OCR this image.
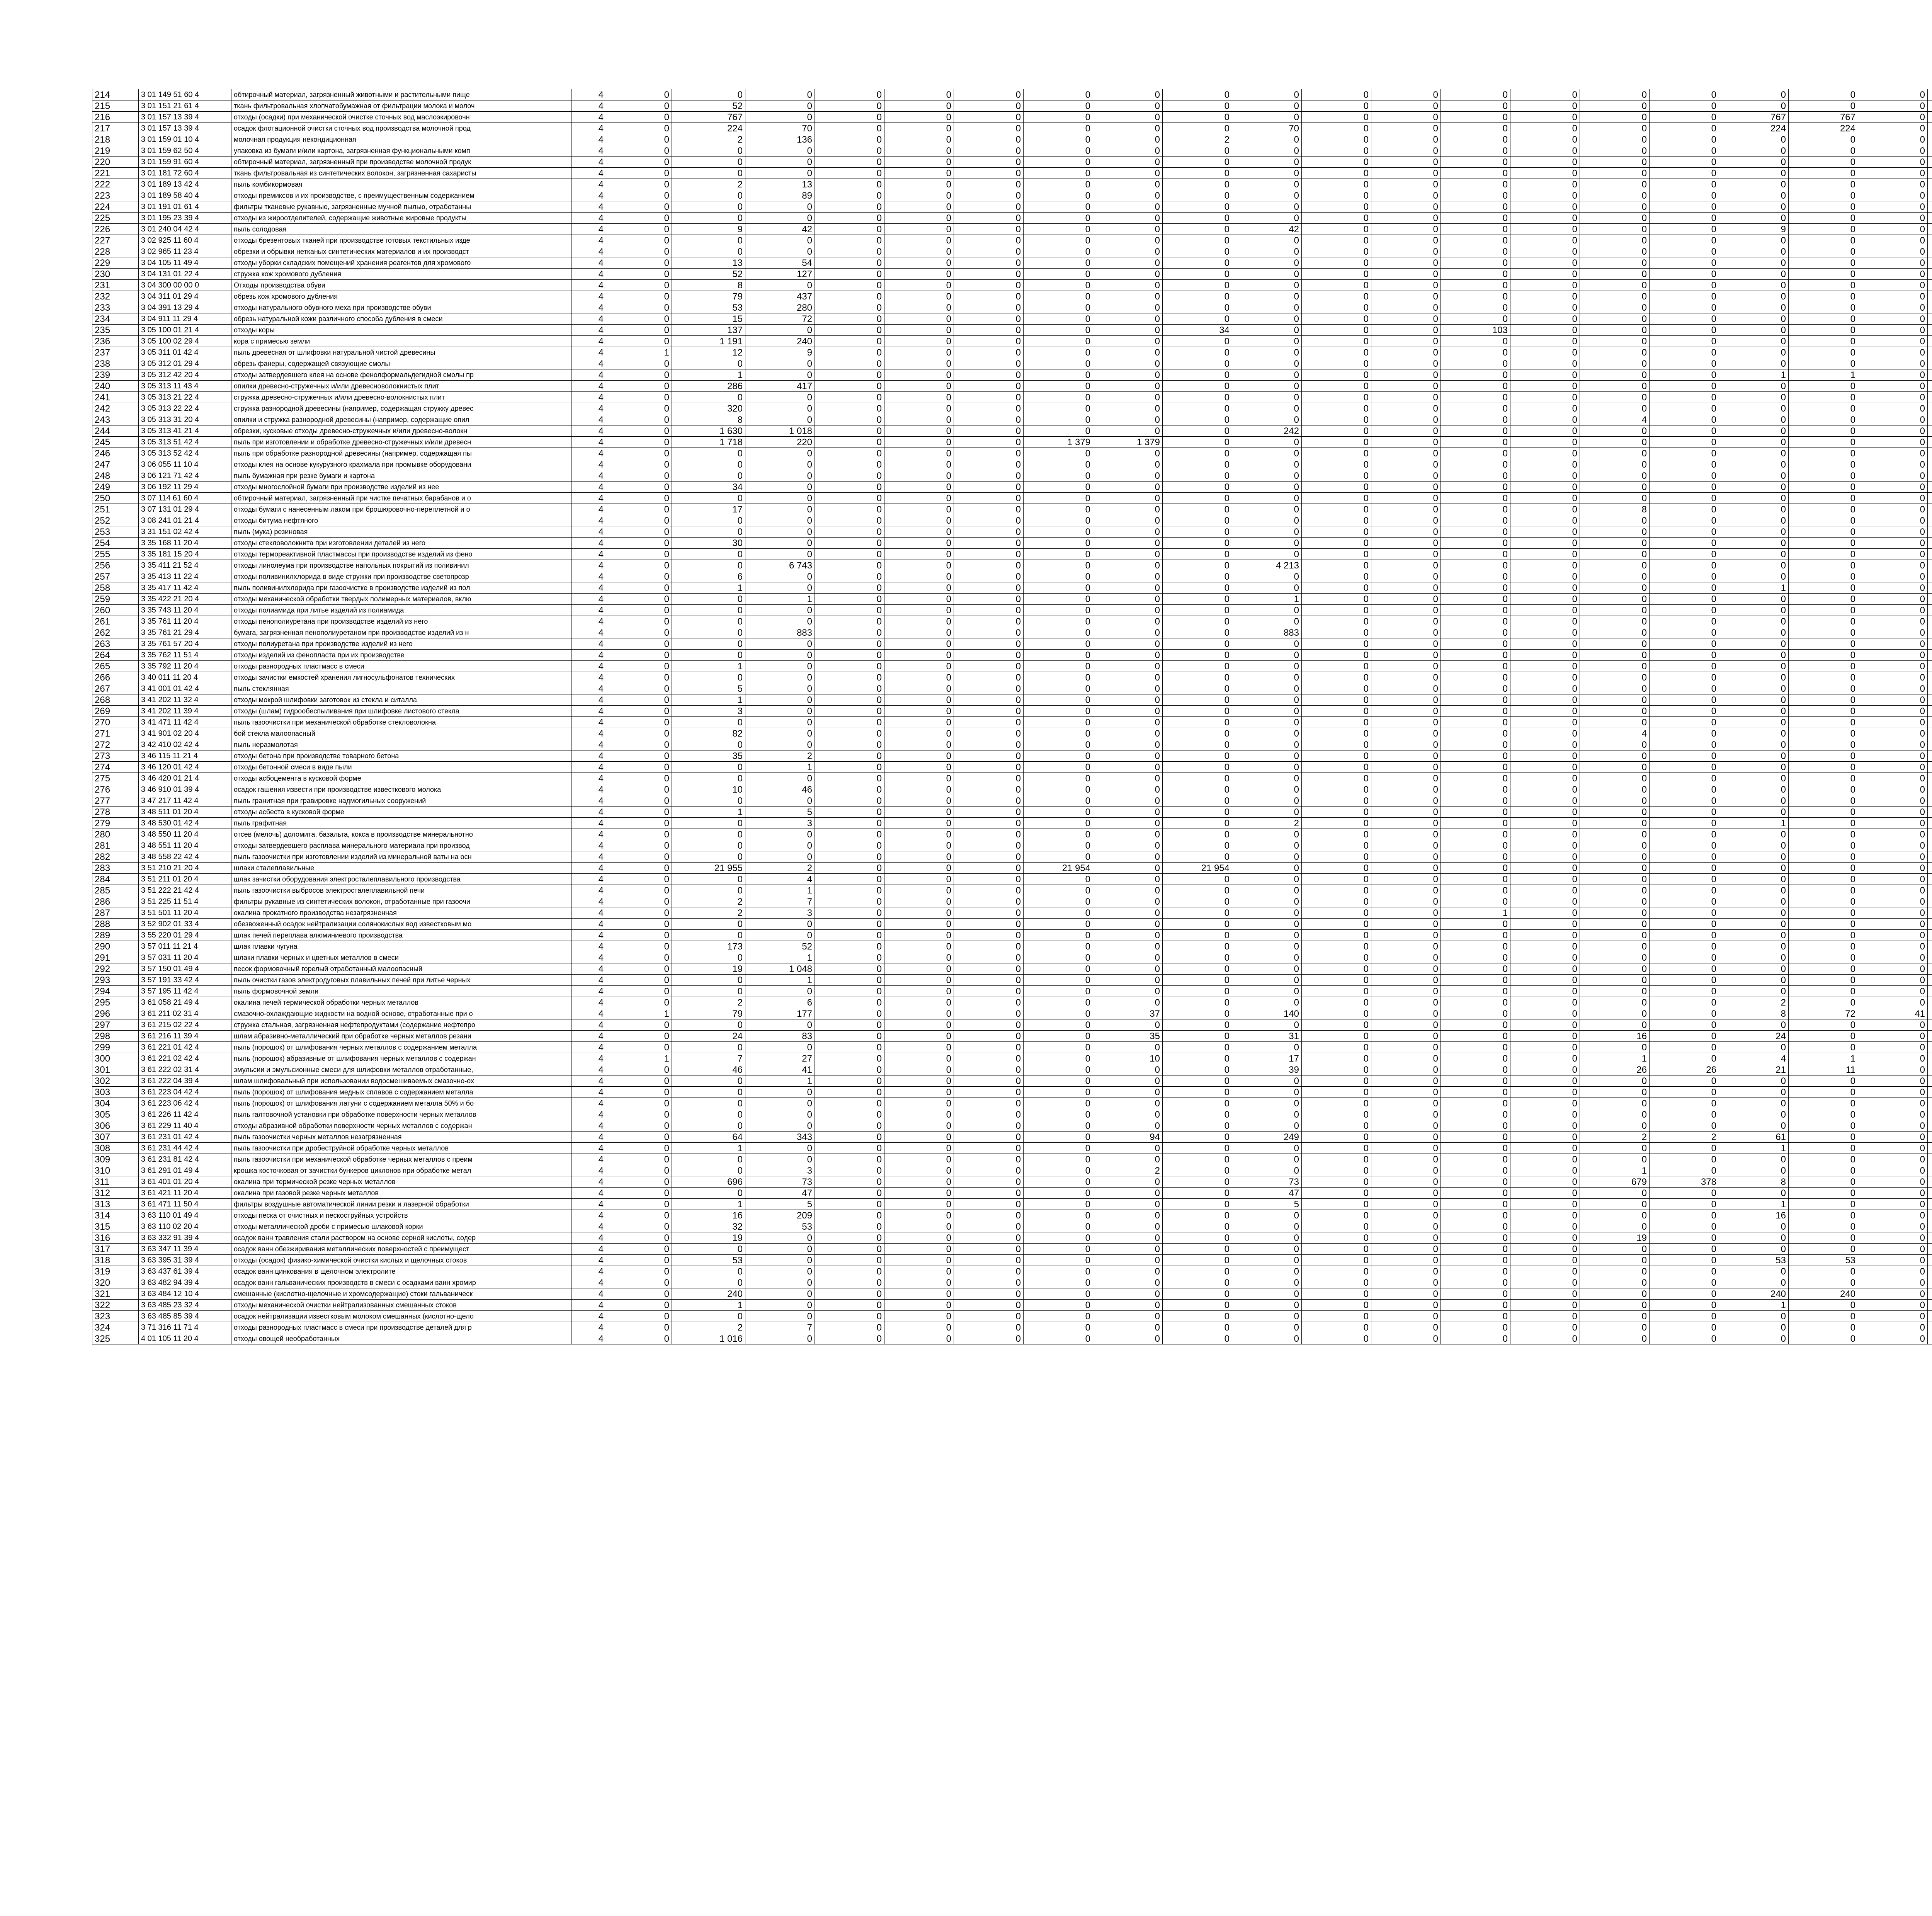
214	3 01 149 51 60 4	обтирочный материал, загрязненный животными и растительными пище	4	0	0	0	0	0	0	0	0	0	0	0	0	0	0	0	0	0	0	0												
215	3 01 151 21 61 4	ткань фильтровальная хлопчатобумажная от фильтрации молока и молоч	4	0	52	0	0	0	0	0	0	0	0	0	0	0	0	0	0	0	0	0												
216	3 01 157 13 39 4	отходы (осадки) при механической очистке сточных вод маслоэкировочн	4	0	767	0	0	0	0	0	0	0	0	0	0	0	0	0	0	767	767	0												
217	3 01 157 13 39 4	осадок флотационной очистки сточных вод производства молочной прод	4	0	224	70	0	0	0	0	0	0	70	0	0	0	0	0	0	224	224	0												
218	3 01 159 01 10 4	молочная продукция некондиционная	4	0	2	136	0	0	0	0	0	2	0	0	0	0	0	0	0	0	0	0												
219	3 01 159 62 50 4	упаковка из бумаги и/или картона, загрязненная функциональными комп	4	0	0	0	0	0	0	0	0	0	0	0	0	0	0	0	0	0	0	0												
220	3 01 159 91 60 4	обтирочный материал, загрязненный при производстве молочной продук	4	0	0	0	0	0	0	0	0	0	0	0	0	0	0	0	0	0	0	0												
221	3 01 181 72 60 4	ткань фильтровальная из синтетических волокон, загрязненная сахаристы	4	0	0	0	0	0	0	0	0	0	0	0	0	0	0	0	0	0	0	0												
222	3 01 189 13 42 4	пыль комбикормовая	4	0	2	13	0	0	0	0	0	0	0	0	0	0	0	0	0	0	0	0												
223	3 01 189 58 40 4	отходы премиксов и их производстве, с преимущественным содержанием	4	0	0	89	0	0	0	0	0	0	0	0	0	0	0	0	0	0	0	0												
224	3 01 191 01 61 4	фильтры тканевые рукавные, загрязненные мучной пылью, отработанны	4	0	0	0	0	0	0	0	0	0	0	0	0	0	0	0	0	0	0	0												
225	3 01 195 23 39 4	отходы из жироотделителей, содержащие животные жировые продукты	4	0	0	0	0	0	0	0	0	0	0	0	0	0	0	0	0	0	0	0												
226	3 01 240 04 42 4	пыль солодовая	4	0	9	42	0	0	0	0	0	0	42	0	0	0	0	0	0	9	0	0												
227	3 02 925 11 60 4	отходы брезентовых тканей при производстве готовых текстильных изде	4	0	0	0	0	0	0	0	0	0	0	0	0	0	0	0	0	0	0	0												
228	3 02 965 11 23 4	обрезки и обрывки нетканых синтетических материалов и их производст	4	0	0	0	0	0	0	0	0	0	0	0	0	0	0	0	0	0	0	0												
229	3 04 105 11 49 4	отходы уборки складских помещений хранения реагентов для хромового	4	0	13	54	0	0	0	0	0	0	0	0	0	0	0	0	0	0	0	0												
230	3 04 131 01 22 4	стружка кож хромового дубления	4	0	52	127	0	0	0	0	0	0	0	0	0	0	0	0	0	0	0	0												
231	3 04 300 00 00 0	Отходы производства обуви	4	0	8	0	0	0	0	0	0	0	0	0	0	0	0	0	0	0	0	0												
232	3 04 311 01 29 4	обрезь кож хромового дубления	4	0	79	437	0	0	0	0	0	0	0	0	0	0	0	0	0	0	0	0												
233	3 04 391 13 29 4	отходы натурального обувного меха при производстве обуви	4	0	53	280	0	0	0	0	0	0	0	0	0	0	0	0	0	0	0	0												
234	3 04 911 11 29 4	обрезь натуральной кожи различного способа дубления в смеси	4	0	15	72	0	0	0	0	0	0	0	0	0	0	0	0	0	0	0	0												
235	3 05 100 01 21 4	отходы коры	4	0	137	0	0	0	0	0	0	34	0	0	0	103	0	0	0	0	0	0												
236	3 05 100 02 29 4	кора с примесью земли	4	0	1 191	240	0	0	0	0	0	0	0	0	0	0	0	0	0	0	0	0												
237	3 05 311 01 42 4	пыль древесная от шлифовки натуральной чистой древесины	4	1	12	9	0	0	0	0	0	0	0	0	0	0	0	0	0	0	0	0												
238	3 05 312 01 29 4	обрезь фанеры, содержащей связующие смолы	4	0	0	0	0	0	0	0	0	0	0	0	0	0	0	0	0	0	0	0												
239	3 05 312 42 20 4	отходы затвердевшего клея на основе фенолформальдегидной смолы пр	4	0	1	0	0	0	0	0	0	0	0	0	0	0	0	0	0	1	1	0												
240	3 05 313 11 43 4	опилки древесно-стружечных и/или древесноволокнистых плит	4	0	286	417	0	0	0	0	0	0	0	0	0	0	0	0	0	0	0	0												
241	3 05 313 21 22 4	стружка древесно-стружечных и/или древесно-волокнистых плит	4	0	0	0	0	0	0	0	0	0	0	0	0	0	0	0	0	0	0	0												
242	3 05 313 22 22 4	стружка разнородной древесины (например, содержащая стружку древес	4	0	320	0	0	0	0	0	0	0	0	0	0	0	0	0	0	0	0	0												
243	3 05 313 31 20 4	опилки и стружка разнородной древесины (например, содержащие опил	4	0	8	0	0	0	0	0	0	0	0	0	0	0	0	4	0	0	0	0												
244	3 05 313 41 21 4	обрезки, кусковые отходы древесно-стружечных и/или древесно-волокн	4	0	1 630	1 018	0	0	0	0	0	0	242	0	0	0	0	0	0	0	0	0												
245	3 05 313 51 42 4	пыль при изготовлении и обработке древесно-стружечных и/или древесн	4	0	1 718	220	0	0	0	1 379	1 379	0	0	0	0	0	0	0	0	0	0	0												
246	3 05 313 52 42 4	пыль при обработке разнородной древесины (например, содержащая пы	4	0	0	0	0	0	0	0	0	0	0	0	0	0	0	0	0	0	0	0												
247	3 06 055 11 10 4	отходы клея на основе кукурузного крахмала при промывке оборудовани	4	0	0	0	0	0	0	0	0	0	0	0	0	0	0	0	0	0	0	0												
248	3 06 121 71 42 4	пыль бумажная при резке бумаги и картона	4	0	0	0	0	0	0	0	0	0	0	0	0	0	0	0	0	0	0	0												
249	3 06 192 11 29 4	отходы многослойной бумаги при производстве изделий из нее	4	0	34	0	0	0	0	0	0	0	0	0	0	0	0	0	0	0	0	0												
250	3 07 114 61 60 4	обтирочный материал, загрязненный при чистке печатных барабанов и о	4	0	0	0	0	0	0	0	0	0	0	0	0	0	0	0	0	0	0	0												
251	3 07 131 01 29 4	отходы бумаги с нанесенным лаком при брошюровочно-переплетной и о	4	0	17	0	0	0	0	0	0	0	0	0	0	0	0	8	0	0	0	0												
252	3 08 241 01 21 4	отходы битума нефтяного	4	0	0	0	0	0	0	0	0	0	0	0	0	0	0	0	0	0	0	0												
253	3 31 151 02 42 4	пыль (мука) резиновая	4	0	0	0	0	0	0	0	0	0	0	0	0	0	0	0	0	0	0	0												
254	3 35 168 11 20 4	отходы стекловолокнита при изготовлении деталей из него	4	0	30	0	0	0	0	0	0	0	0	0	0	0	0	0	0	0	0	0												
255	3 35 181 15 20 4	отходы термореактивной пластмассы при производстве изделий из фено	4	0	0	0	0	0	0	0	0	0	0	0	0	0	0	0	0	0	0	0												
256	3 35 411 21 52 4	отходы линолеума при производстве напольных покрытий из поливинил	4	0	0	6 743	0	0	0	0	0	0	4 213	0	0	0	0	0	0	0	0	0												
257	3 35 413 11 22 4	отходы поливинилхлорида в виде стружки при производстве светопрозр	4	0	6	0	0	0	0	0	0	0	0	0	0	0	0	0	0	0	0	0												
258	3 35 417 11 42 4	пыль поливинилхлорида при газоочистке в производстве изделий из пол	4	0	1	0	0	0	0	0	0	0	0	0	0	0	0	0	0	1	0	0												
259	3 35 422 21 20 4	отходы механической обработки твердых полимерных материалов, вклю	4	0	0	1	0	0	0	0	0	0	1	0	0	0	0	0	0	0	0	0												
260	3 35 743 11 20 4	отходы полиамида при литье изделий из полиамида	4	0	0	0	0	0	0	0	0	0	0	0	0	0	0	0	0	0	0	0												
261	3 35 761 11 20 4	отходы пенополиуретана при производстве изделий из него	4	0	0	0	0	0	0	0	0	0	0	0	0	0	0	0	0	0	0	0												
262	3 35 761 21 29 4	бумага, загрязненная пенополиуретаном при производстве изделий из н	4	0	0	883	0	0	0	0	0	0	883	0	0	0	0	0	0	0	0	0												
263	3 35 761 57 20 4	отходы полиуретана при производстве изделий из него	4	0	0	0	0	0	0	0	0	0	0	0	0	0	0	0	0	0	0	0												
264	3 35 762 11 51 4	отходы изделий из фенопласта при их производстве	4	0	0	0	0	0	0	0	0	0	0	0	0	0	0	0	0	0	0	0												
265	3 35 792 11 20 4	отходы разнородных пластмасс в смеси	4	0	1	0	0	0	0	0	0	0	0	0	0	0	0	0	0	0	0	0												
266	3 40 011 11 20 4	отходы зачистки емкостей хранения лигносульфонатов технических	4	0	0	0	0	0	0	0	0	0	0	0	0	0	0	0	0	0	0	0												
267	3 41 001 01 42 4	пыль стеклянная	4	0	5	0	0	0	0	0	0	0	0	0	0	0	0	0	0	0	0	0												
268	3 41 202 11 32 4	отходы мокрой шлифовки заготовок из стекла и ситалла	4	0	1	0	0	0	0	0	0	0	0	0	0	0	0	0	0	0	0	0												
269	3 41 202 11 39 4	отходы (шлам) гидрообеспыливания при шлифовке листового стекла	4	0	3	0	0	0	0	0	0	0	0	0	0	0	0	0	0	0	0	0												
270	3 41 471 11 42 4	пыль газоочистки при механической обработке стекловолокна	4	0	0	0	0	0	0	0	0	0	0	0	0	0	0	0	0	0	0	0												
271	3 41 901 02 20 4	бой стекла малоопасный	4	0	82	0	0	0	0	0	0	0	0	0	0	0	0	4	0	0	0	0												
272	3 42 410 02 42 4	пыль неразмолотая	4	0	0	0	0	0	0	0	0	0	0	0	0	0	0	0	0	0	0	0												
273	3 46 115 11 21 4	отходы бетона при производстве товарного бетона	4	0	35	2	0	0	0	0	0	0	0	0	0	0	0	0	0	0	0	0												
274	3 46 120 01 42 4	отходы бетонной смеси в виде пыли	4	0	0	1	0	0	0	0	0	0	0	0	0	0	0	0	0	0	0	0												
275	3 46 420 01 21 4	отходы асбоцемента в кусковой форме	4	0	0	0	0	0	0	0	0	0	0	0	0	0	0	0	0	0	0	0												
276	3 46 910 01 39 4	осадок гашения извести при производстве известкового молока	4	0	10	46	0	0	0	0	0	0	0	0	0	0	0	0	0	0	0	0												
277	3 47 217 11 42 4	пыль гранитная при гравировке надмогильных сооружений	4	0	0	0	0	0	0	0	0	0	0	0	0	0	0	0	0	0	0	0												
278	3 48 511 01 20 4	отходы асбеста в кусковой форме	4	0	1	5	0	0	0	0	0	0	0	0	0	0	0	0	0	0	0	0												
279	3 48 530 01 42 4	пыль графитная	4	0	0	3	0	0	0	0	0	0	2	0	0	0	0	0	0	1	0	0												
280	3 48 550 11 20 4	отсев (мелочь) доломита, базальта, кокса в производстве минеральнотно	4	0	0	0	0	0	0	0	0	0	0	0	0	0	0	0	0	0	0	0												
281	3 48 551 11 20 4	отходы затвердевшего расплава минерального материала при производ	4	0	0	0	0	0	0	0	0	0	0	0	0	0	0	0	0	0	0	0												
282	3 48 558 22 42 4	пыль газоочистки при изготовлении изделий из минеральной ваты на осн	4	0	0	0	0	0	0	0	0	0	0	0	0	0	0	0	0	0	0	0												
283	3 51 210 21 20 4	шлаки сталеплавильные	4	0	21 955	2	0	0	0	21 954	0	21 954	0	0	0	0	0	0	0	0	0	0												
284	3 51 211 01 20 4	шлак зачистки оборудования электросталеплавильного производства	4	0	0	4	0	0	0	0	0	0	0	0	0	0	0	0	0	0	0	0												
285	3 51 222 21 42 4	пыль газоочистки выбросов электросталеплавильной печи	4	0	0	1	0	0	0	0	0	0	0	0	0	0	0	0	0	0	0	0												
286	3 51 225 11 51 4	фильтры рукавные из синтетических волокон, отработанные при газоочи	4	0	2	7	0	0	0	0	0	0	0	0	0	0	0	0	0	0	0	0												
287	3 51 501 11 20 4	окалина прокатного производства незагрязненная	4	0	2	3	0	0	0	0	0	0	0	0	0	1	0	0	0	0	0	0												
288	3 52 902 01 33 4	обезвоженный осадок нейтрализации солянокислых вод известковым мо	4	0	0	0	0	0	0	0	0	0	0	0	0	0	0	0	0	0	0	0												
289	3 55 220 01 29 4	шлак печей переплава алюминиевого производства	4	0	0	0	0	0	0	0	0	0	0	0	0	0	0	0	0	0	0	0												
290	3 57 011 11 21 4	шлак плавки чугуна	4	0	173	52	0	0	0	0	0	0	0	0	0	0	0	0	0	0	0	0												
291	3 57 031 11 20 4	шлаки плавки черных и цветных металлов в смеси	4	0	0	1	0	0	0	0	0	0	0	0	0	0	0	0	0	0	0	0												
292	3 57 150 01 49 4	песок формовочный горелый отработанный малоопасный	4	0	19	1 048	0	0	0	0	0	0	0	0	0	0	0	0	0	0	0	0												
293	3 57 191 33 42 4	пыль очистки газов электродуговых плавильных печей при литье черных	4	0	0	1	0	0	0	0	0	0	0	0	0	0	0	0	0	0	0	0												
294	3 57 195 11 42 4	пыль формовочной земли	4	0	0	0	0	0	0	0	0	0	0	0	0	0	0	0	0	0	0	0												
295	3 61 058 21 49 4	окалина печей термической обработки черных металлов	4	0	2	6	0	0	0	0	0	0	0	0	0	0	0	0	0	2	0	0												
296	3 61 211 02 31 4	смазочно-охлаждающие жидкости на водной основе, отработанные при о	4	1	79	177	0	0	0	0	37	0	140	0	0	0	0	0	0	8	72	41												
297	3 61 215 02 22 4	стружка стальная, загрязненная нефтепродуктами (содержание нефтепро	4	0	0	0	0	0	0	0	0	0	0	0	0	0	0	0	0	0	0	0												
298	3 61 216 11 39 4	шлам абразивно-металлический при обработке черных металлов резани	4	0	24	83	0	0	0	0	35	0	31	0	0	0	0	16	0	24	0	0												
299	3 61 221 01 42 4	пыль (порошок) от шлифования черных металлов с содержанием металла	4	0	0	0	0	0	0	0	0	0	0	0	0	0	0	0	0	0	0	0												
300	3 61 221 02 42 4	пыль (порошок) абразивные от шлифования черных металлов с содержан	4	1	7	27	0	0	0	0	10	0	17	0	0	0	0	1	0	4	1	0												
301	3 61 222 02 31 4	эмульсии и эмульсионные смеси для шлифовки металлов отработанные,	4	0	46	41	0	0	0	0	0	0	39	0	0	0	0	26	26	21	11	0												
302	3 61 222 04 39 4	шлам шлифовальный при использовании водосмешиваемых смазочно-ох	4	0	0	1	0	0	0	0	0	0	0	0	0	0	0	0	0	0	0	0												
303	3 61 223 04 42 4	пыль (порошок) от шлифования медных сплавов с содержанием металла	4	0	0	0	0	0	0	0	0	0	0	0	0	0	0	0	0	0	0	0												
304	3 61 223 06 42 4	пыль (порошок) от шлифования латуни с содержанием металла 50% и бо	4	0	0	0	0	0	0	0	0	0	0	0	0	0	0	0	0	0	0	0												
305	3 61 226 11 42 4	пыль галтовочной установки при обработке поверхности черных металлов	4	0	0	0	0	0	0	0	0	0	0	0	0	0	0	0	0	0	0	0												
306	3 61 229 11 40 4	отходы абразивной обработки поверхности черных металлов с содержан	4	0	0	0	0	0	0	0	0	0	0	0	0	0	0	0	0	0	0	0												
307	3 61 231 01 42 4	пыль газоочистки черных металлов незагрязненная	4	0	64	343	0	0	0	0	94	0	249	0	0	0	0	2	2	61	0	0												
308	3 61 231 44 42 4	пыль газоочистки при дробеструйной обработке черных металлов	4	0	1	0	0	0	0	0	0	0	0	0	0	0	0	0	0	1	0	0												
309	3 61 231 81 42 4	пыль газоочистки при механической обработке черных металлов с преим	4	0	0	0	0	0	0	0	0	0	0	0	0	0	0	0	0	0	0	0												
310	3 61 291 01 49 4	крошка косточковая от зачистки бункеров циклонов при обработке метал	4	0	0	3	0	0	0	0	2	0	0	0	0	0	0	1	0	0	0	0												
311	3 61 401 01 20 4	окалина при термической резке черных металлов	4	0	696	73	0	0	0	0	0	0	73	0	0	0	0	679	378	8	0	0												
312	3 61 421 11 20 4	окалина при газовой резке черных металлов	4	0	0	47	0	0	0	0	0	0	47	0	0	0	0	0	0	0	0	0												
313	3 61 471 11 50 4	фильтры воздушные автоматической линии резки и лазерной обработки	4	0	1	5	0	0	0	0	0	0	5	0	0	0	0	0	0	1	0	0												
314	3 63 110 01 49 4	отходы песка от очистных и пескоструйных устройств	4	0	16	209	0	0	0	0	0	0	0	0	0	0	0	0	0	16	0	0												
315	3 63 110 02 20 4	отходы металлической дроби с примесью шлаковой корки	4	0	32	53	0	0	0	0	0	0	0	0	0	0	0	0	0	0	0	0												
316	3 63 332 91 39 4	осадок ванн травления стали раствором на основе серной кислоты, содер	4	0	19	0	0	0	0	0	0	0	0	0	0	0	0	19	0	0	0	0												
317	3 63 347 11 39 4	осадок ванн обезжиривания металлических поверхностей с преимущест	4	0	0	0	0	0	0	0	0	0	0	0	0	0	0	0	0	0	0	0												
318	3 63 395 31 39 4	отходы (осадок) физико-химической очистки кислых и щелочных стоков	4	0	53	0	0	0	0	0	0	0	0	0	0	0	0	0	0	53	53	0												
319	3 63 437 61 39 4	осадок ванн цинкования в щелочном электролите	4	0	0	0	0	0	0	0	0	0	0	0	0	0	0	0	0	0	0	0												
320	3 63 482 94 39 4	осадок ванн гальванических производств в смеси с осадками ванн хромир	4	0	0	0	0	0	0	0	0	0	0	0	0	0	0	0	0	0	0	0												
321	3 63 484 12 10 4	смешанные (кислотно-щелочные и хромсодержащие) стоки гальваническ	4	0	240	0	0	0	0	0	0	0	0	0	0	0	0	0	0	240	240	0												
322	3 63 485 23 32 4	отходы механической очистки нейтрализованных смешанных стоков	4	0	1	0	0	0	0	0	0	0	0	0	0	0	0	0	0	1	0	0												
323	3 63 485 85 39 4	осадок нейтрализации известковым молоком смешанных (кислотно-щело	4	0	0	0	0	0	0	0	0	0	0	0	0	0	0	0	0	0	0	0												
324	3 71 316 11 71 4	отходы разнородных пластмасс в смеси при производстве деталей для р	4	0	2	7	0	0	0	0	0	0	0	0	0	0	0	0	0	0	0	0												
325	4 01 105 11 20 4	отходы овощей необработанных	4	0	1 016	0	0	0	0	0	0	0	0	0	0	0	0	0	0	0	0	0												
